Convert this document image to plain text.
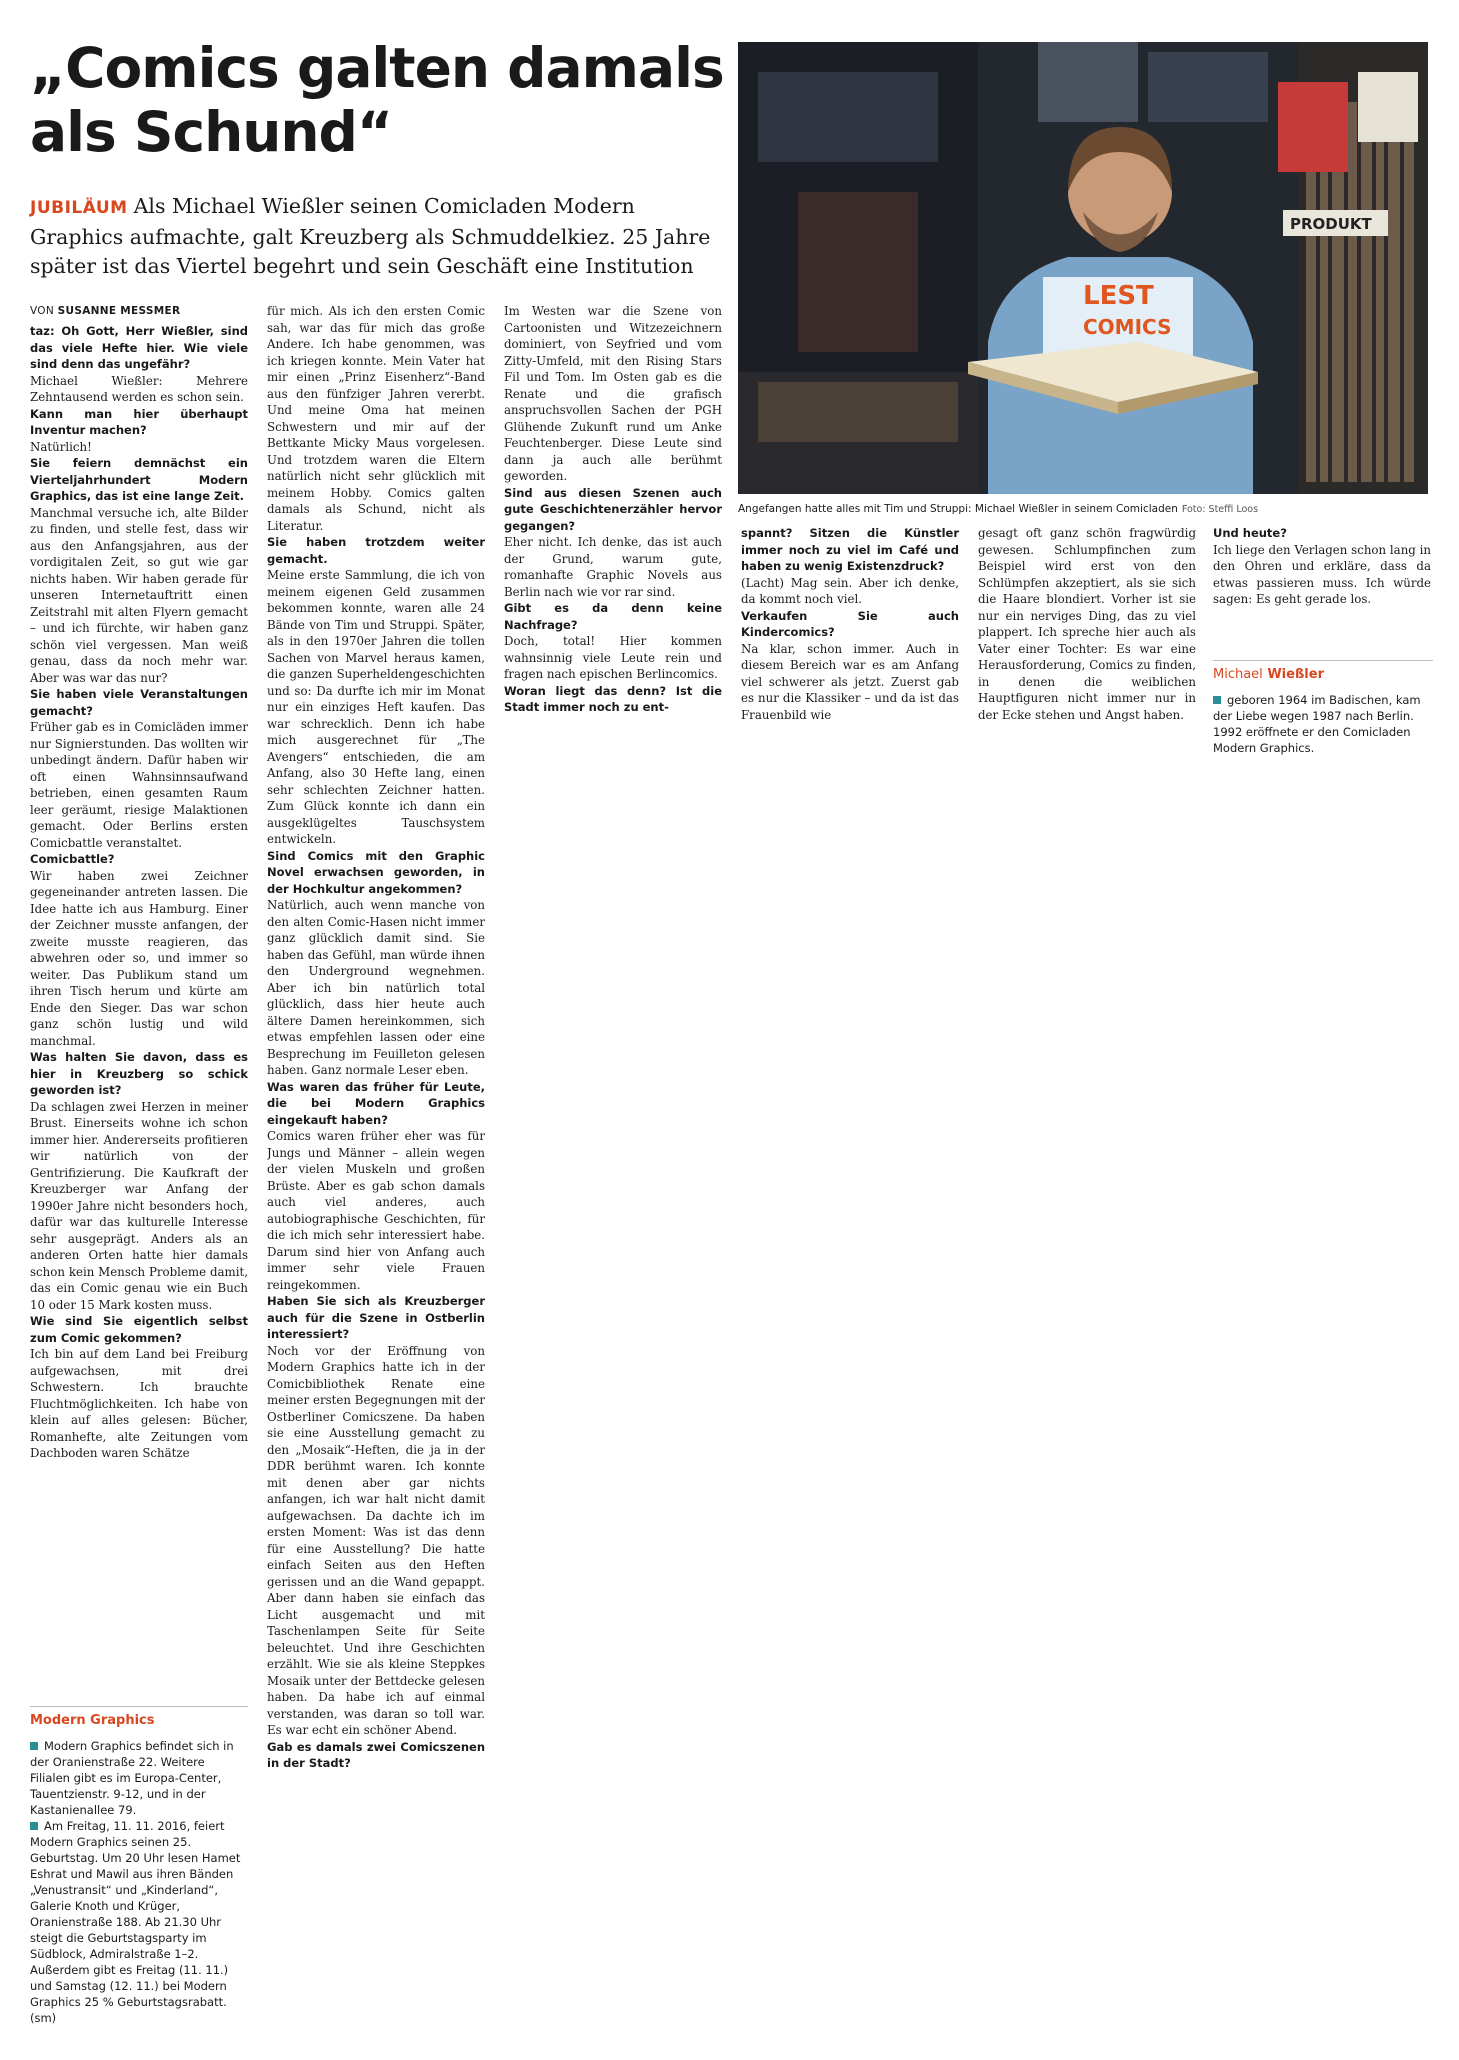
„Comics galten damals als Schund“

JUBILÄUM Als Michael Wießler seinen Comicladen Modern Graphics aufmachte, galt Kreuzberg als Schmuddelkiez. 25 Jahre später ist das Viertel begehrt und sein Geschäft eine Institution

VON SUSANNE MESSMER
PRODUKT
LEST
COMICS
Angefangen hatte alles mit Tim und Struppi: Michael Wießler in seinem Comicladen Foto: Steffi Loos

taz: Oh Gott, Herr Wießler, sind das viele Hefte hier. Wie viele sind denn das ungefähr?

Michael Wießler: Mehrere Zehntausend werden es schon sein.

Kann man hier überhaupt Inventur machen?

Natürlich!

Sie feiern demnächst ein Vierteljahrhundert Modern Graphics, das ist eine lange Zeit.

Manchmal versuche ich, alte Bilder zu finden, und stelle fest, dass wir aus den Anfangsjahren, aus der vordigitalen Zeit, so gut wie gar nichts haben. Wir haben gerade für unseren Internetauftritt einen Zeitstrahl mit alten Flyern gemacht – und ich fürchte, wir haben ganz schön viel vergessen. Man weiß genau, dass da noch mehr war. Aber was war das nur?

Sie haben viele Veranstaltungen gemacht?

Früher gab es in Comicläden immer nur Signierstunden. Das wollten wir unbedingt ändern. Dafür haben wir oft einen Wahnsinnsaufwand betrieben, einen gesamten Raum leer geräumt, riesige Malaktionen gemacht. Oder Berlins ersten Comicbattle veranstaltet.

Comicbattle?

Wir haben zwei Zeichner gegeneinander antreten lassen. Die Idee hatte ich aus Hamburg. Einer der Zeichner musste anfangen, der zweite musste reagieren, das abwehren oder so, und immer so weiter. Das Publikum stand um ihren Tisch herum und kürte am Ende den Sieger. Das war schon ganz schön lustig und wild manchmal.

Was halten Sie davon, dass es hier in Kreuzberg so schick geworden ist?

Da schlagen zwei Herzen in meiner Brust. Einerseits wohne ich schon immer hier. Andererseits profitieren wir natürlich von der Gentrifizierung. Die Kaufkraft der Kreuzberger war Anfang der 1990er Jahre nicht besonders hoch, dafür war das kulturelle Interesse sehr ausgeprägt. Anders als an anderen Orten hatte hier damals schon kein Mensch Probleme damit, das ein Comic genau wie ein Buch 10 oder 15 Mark kosten muss.

Wie sind Sie eigentlich selbst zum Comic gekommen?

Ich bin auf dem Land bei Freiburg aufgewachsen, mit drei Schwestern. Ich brauchte Fluchtmöglichkeiten. Ich habe von klein auf alles gelesen: Bücher, Romanhefte, alte Zeitungen vom Dachboden waren Schätze

für mich. Als ich den ersten Comic sah, war das für mich das große Andere. Ich habe genommen, was ich kriegen konnte. Mein Vater hat mir einen „Prinz Eisenherz“-Band aus den fünfziger Jahren vererbt. Und meine Oma hat meinen Schwestern und mir auf der Bettkante Micky Maus vorgelesen. Und trotzdem waren die Eltern natürlich nicht sehr glücklich mit meinem Hobby. Comics galten damals als Schund, nicht als Literatur.

Sie haben trotzdem weiter gemacht.

Meine erste Sammlung, die ich von meinem eigenen Geld zusammen bekommen konnte, waren alle 24 Bände von Tim und Struppi. Später, als in den 1970er Jahren die tollen Sachen von Marvel heraus kamen, die ganzen Superheldengeschichten und so: Da durfte ich mir im Monat nur ein einziges Heft kaufen. Das war schrecklich. Denn ich habe mich ausgerechnet für „The Avengers“ entschieden, die am Anfang, also 30 Hefte lang, einen sehr schlechten Zeichner hatten. Zum Glück konnte ich dann ein ausgeklügeltes Tauschsystem entwickeln.

Sind Comics mit den Graphic Novel erwachsen geworden, in der Hochkultur angekommen?

Natürlich, auch wenn manche von den alten Comic-Hasen nicht immer ganz glücklich damit sind. Sie haben das Gefühl, man würde ihnen den Underground wegnehmen. Aber ich bin natürlich total glücklich, dass hier heute auch ältere Damen hereinkommen, sich etwas empfehlen lassen oder eine Besprechung im Feuilleton gelesen haben. Ganz normale Leser eben.

Was waren das früher für Leute, die bei Modern Graphics eingekauft haben?

Comics waren früher eher was für Jungs und Männer – allein wegen der vielen Muskeln und großen Brüste. Aber es gab schon damals auch viel anderes, auch autobiographische Geschichten, für die ich mich sehr interessiert habe. Darum sind hier von Anfang auch immer sehr viele Frauen reingekommen.

Haben Sie sich als Kreuzberger auch für die Szene in Ostberlin interessiert?

Noch vor der Eröffnung von Modern Graphics hatte ich in der Comicbibliothek Renate eine meiner ersten Begegnungen mit der Ostberliner Comicszene. Da haben sie eine Ausstellung gemacht zu den „Mosaik“-Heften, die ja in der DDR berühmt waren. Ich konnte mit denen aber gar nichts anfangen, ich war halt nicht damit aufgewachsen. Da dachte ich im ersten Moment: Was ist das denn für eine Ausstellung? Die hatte einfach Seiten aus den Heften gerissen und an die Wand gepappt. Aber dann haben sie einfach das Licht ausgemacht und mit Taschenlampen Seite für Seite beleuchtet. Und ihre Geschichten erzählt. Wie sie als kleine Steppkes Mosaik unter der Bettdecke gelesen haben. Da habe ich auf einmal verstanden, was daran so toll war. Es war echt ein schöner Abend.

Gab es damals zwei Comicszenen in der Stadt?

Im Westen war die Szene von Cartoonisten und Witzezeichnern dominiert, von Seyfried und vom Zitty-Umfeld, mit den Rising Stars Fil und Tom. Im Osten gab es die Renate und die grafisch anspruchsvollen Sachen der PGH Glühende Zukunft rund um Anke Feuchtenberger. Diese Leute sind dann ja auch alle berühmt geworden.

Sind aus diesen Szenen auch gute Geschichtenerzähler hervor gegangen?

Eher nicht. Ich denke, das ist auch der Grund, warum gute, romanhafte Graphic Novels aus Berlin nach wie vor rar sind.

Gibt es da denn keine Nachfrage?

Doch, total! Hier kommen wahnsinnig viele Leute rein und fragen nach epischen Berlincomics.

Woran liegt das denn? Ist die Stadt immer noch zu ent-

spannt? Sitzen die Künstler immer noch zu viel im Café und haben zu wenig Existenzdruck?

(Lacht) Mag sein. Aber ich denke, da kommt noch viel.

Verkaufen Sie auch Kindercomics?

Na klar, schon immer. Auch in diesem Bereich war es am Anfang viel schwerer als jetzt. Zuerst gab es nur die Klassiker – und da ist das Frauenbild wie

gesagt oft ganz schön fragwürdig gewesen. Schlumpfinchen zum Beispiel wird erst von den Schlümpfen akzeptiert, als sie sich die Haare blondiert. Vorher ist sie nur ein nerviges Ding, das zu viel plappert. Ich spreche hier auch als Vater einer Tochter: Es war eine Herausforderung, Comics zu finden, in denen die weiblichen Hauptfiguren nicht immer nur in der Ecke stehen und Angst haben.

Und heute?

Ich liege den Verlagen schon lang in den Ohren und erkläre, dass da etwas passieren muss. Ich würde sagen: Es geht gerade los.

Modern Graphics

Modern Graphics befindet sich in der Oranienstraße 22. Weitere Filialen gibt es im Europa-Center, Tauentzienstr. 9-12, und in der Kastanienallee 79.

Am Freitag, 11. 11. 2016, feiert Modern Graphics seinen 25. Geburtstag. Um 20 Uhr lesen Hamet Eshrat und Mawil aus ihren Bänden „Venustransit“ und „Kinderland“, Galerie Knoth und Krüger, Oranienstraße 188. Ab 21.30 Uhr steigt die Geburtstagsparty im Südblock, Admiralstraße 1–2. Außerdem gibt es Freitag (11. 11.) und Samstag (12. 11.) bei Modern Graphics 25 % Geburtstagsrabatt. (sm)

Michael Wießler
geboren 1964 im Badischen, kam der Liebe wegen 1987 nach Berlin. 1992 eröffnete er den Comicladen Modern Graphics.
